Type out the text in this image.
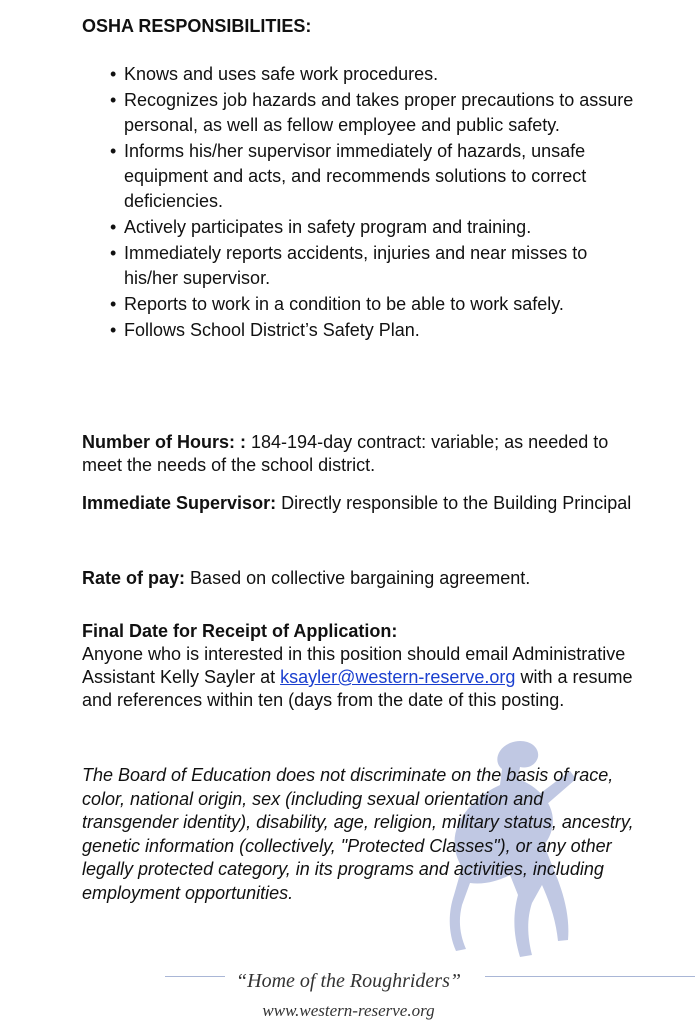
OSHA RESPONSIBILITIES:
• Knows and uses safe work procedures.
• Recognizes job hazards and takes proper precautions to assure personal, as well as fellow employee and public safety.
• Informs his/her supervisor immediately of hazards, unsafe equipment and acts, and recommends solutions to correct deficiencies.
• Actively participates in safety program and training.
• Immediately reports accidents, injuries and near misses to his/her supervisor.
• Reports to work in a condition to be able to work safely.
• Follows School District’s Safety Plan.
Number of Hours: : 184-194-day contract: variable; as needed to meet the needs of the school district.
Immediate Supervisor: Directly responsible to the Building Principal
Rate of pay: Based on collective bargaining agreement.
Final Date for Receipt of Application:
Anyone who is interested in this position should email Administrative Assistant Kelly Sayler at ksayler@western-reserve.org with a resume and references within ten (days from the date of this posting.
The Board of Education does not discriminate on the basis of race, color, national origin, sex (including sexual orientation and transgender identity), disability, age, religion, military status, ancestry, genetic information (collectively, "Protected Classes"), or any other legally protected category, in its programs and activities, including employment opportunities.
“Home of the Roughriders”
www.western-reserve.org
